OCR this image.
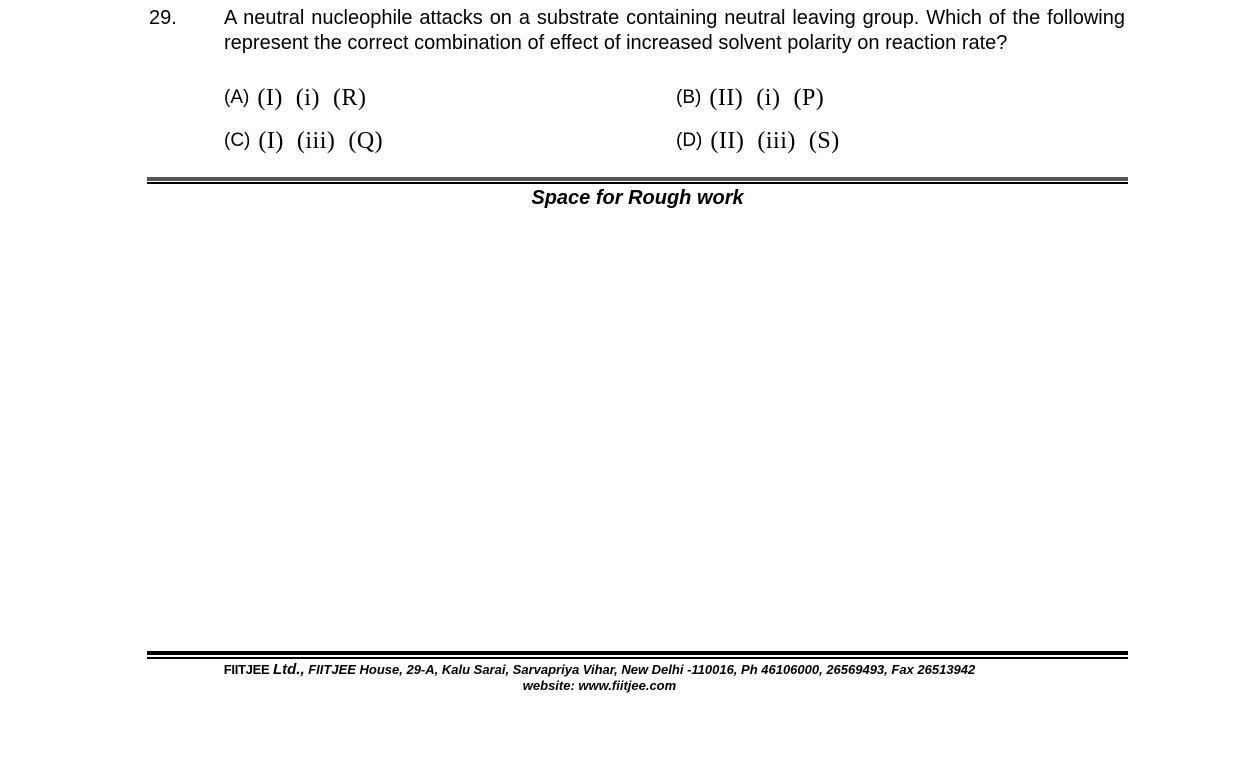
29. A neutral nucleophile attacks on a substrate containing neutral leaving group. Which of the following represent the correct combination of effect of increased solvent polarity on reaction rate?
(A) (I)  (i)  (R)	(B) (II)  (i)  (P)
(C) (I)  (iii)  (Q)	(D) (II)  (iii)  (S)
Space for Rough work
FIITJEE Ltd., FIITJEE House, 29-A, Kalu Sarai, Sarvapriya Vihar, New Delhi -110016, Ph 46106000, 26569493, Fax 26513942
website: www.fiitjee.com
